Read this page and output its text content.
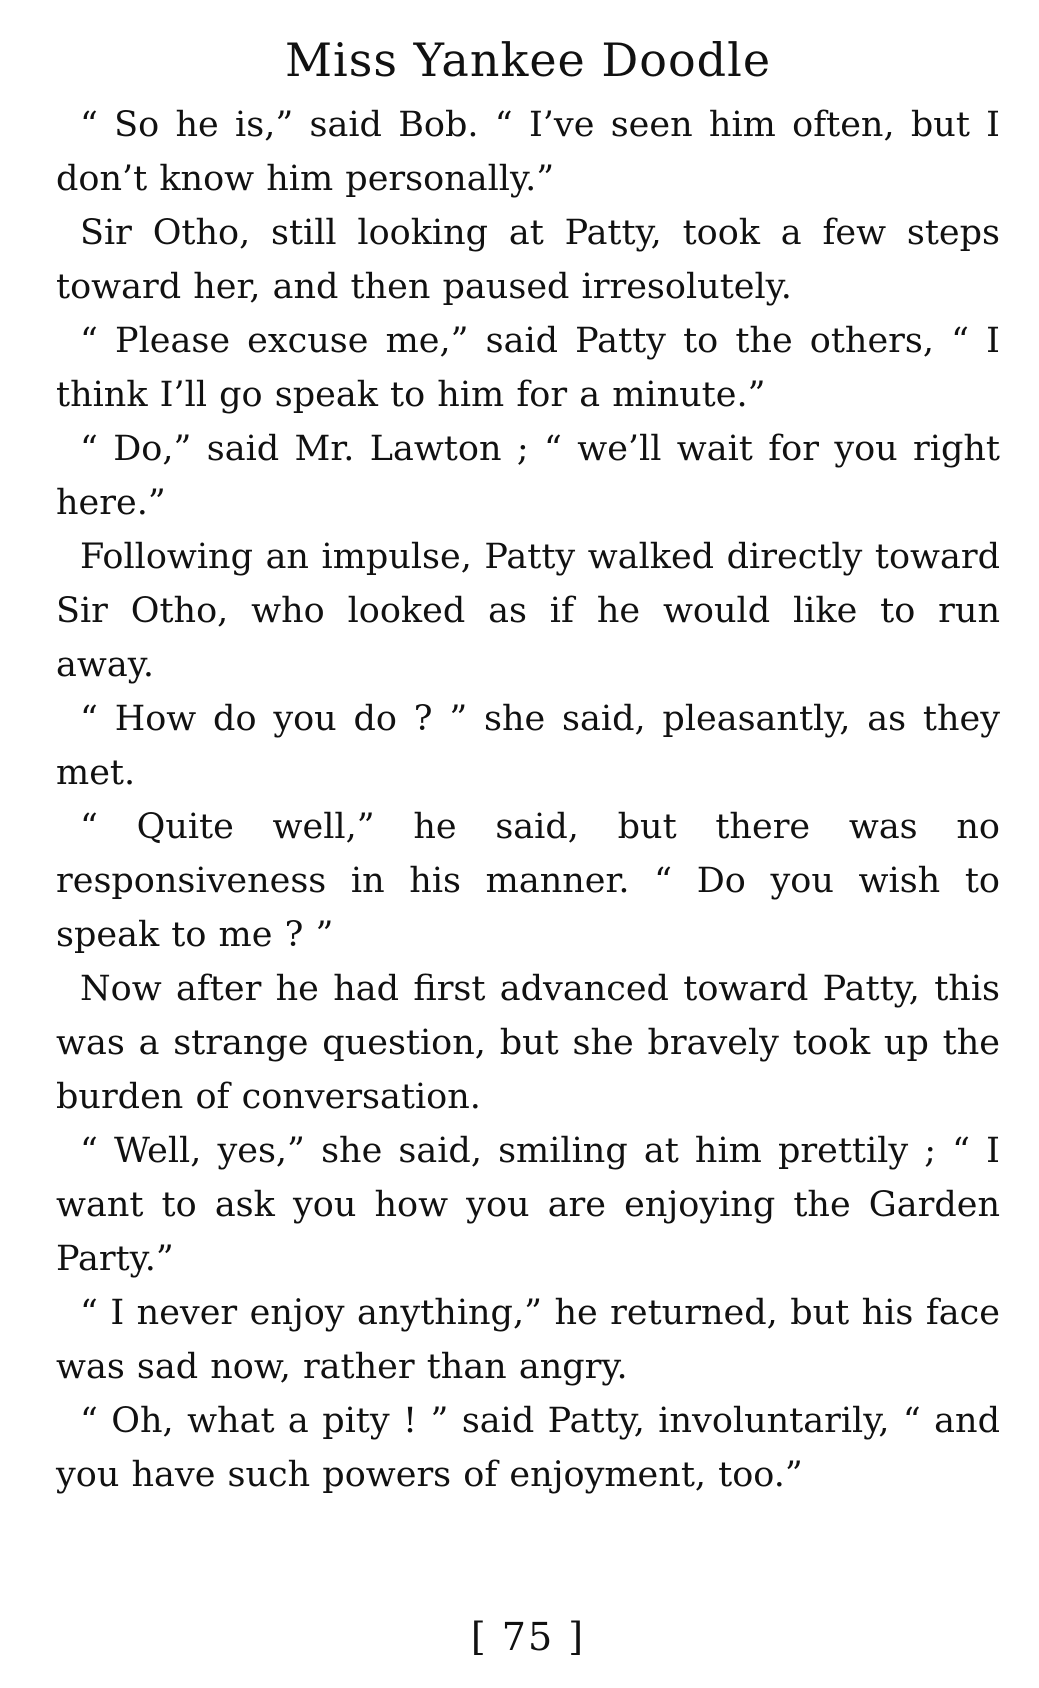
Miss Yankee Doodle

“ So he is,” said Bob. “ I’ve seen him often, but I don’t know him personally.”

Sir Otho, still looking at Patty, took a few steps toward her, and then paused irresolutely.

“ Please excuse me,” said Patty to the others, “ I think I’ll go speak to him for a minute.”

“ Do,” said Mr. Lawton ; “ we’ll wait for you right here.”

Following an impulse, Patty walked directly toward Sir Otho, who looked as if he would like to run away.

“ How do you do ? ” she said, pleasantly, as they met.

“ Quite well,” he said, but there was no responsiveness in his manner. “ Do you wish to speak to me ? ”

Now after he had first advanced toward Patty, this was a strange question, but she bravely took up the burden of conversation.

“ Well, yes,” she said, smiling at him prettily ; “ I want to ask you how you are enjoying the Garden Party.”

“ I never enjoy anything,” he returned, but his face was sad now, rather than angry.

“ Oh, what a pity ! ” said Patty, involuntarily, “ and you have such powers of enjoyment, too.”

[ 75 ]
